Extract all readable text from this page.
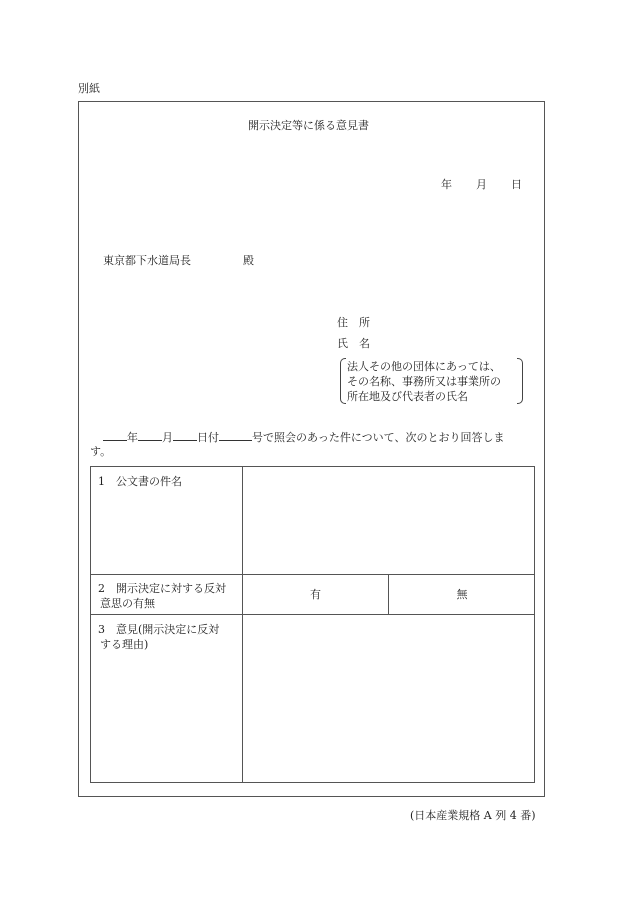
別紙
開示決定等に係る意見書
年 月 日
東京都下水道局長	殿
住　所
氏　名
法人その他の団体にあっては、
その名称、事務所又は事業所の
所在地及び代表者の氏名
年 月 日付	号で照会のあった件について、次のとおり回答しま
す。
1　公文書の件名
2　開示決定に対する反対
意思の有無
有	無
3　意見(開示決定に反対
する理由)
(日本産業規格 A 列 4 番)
